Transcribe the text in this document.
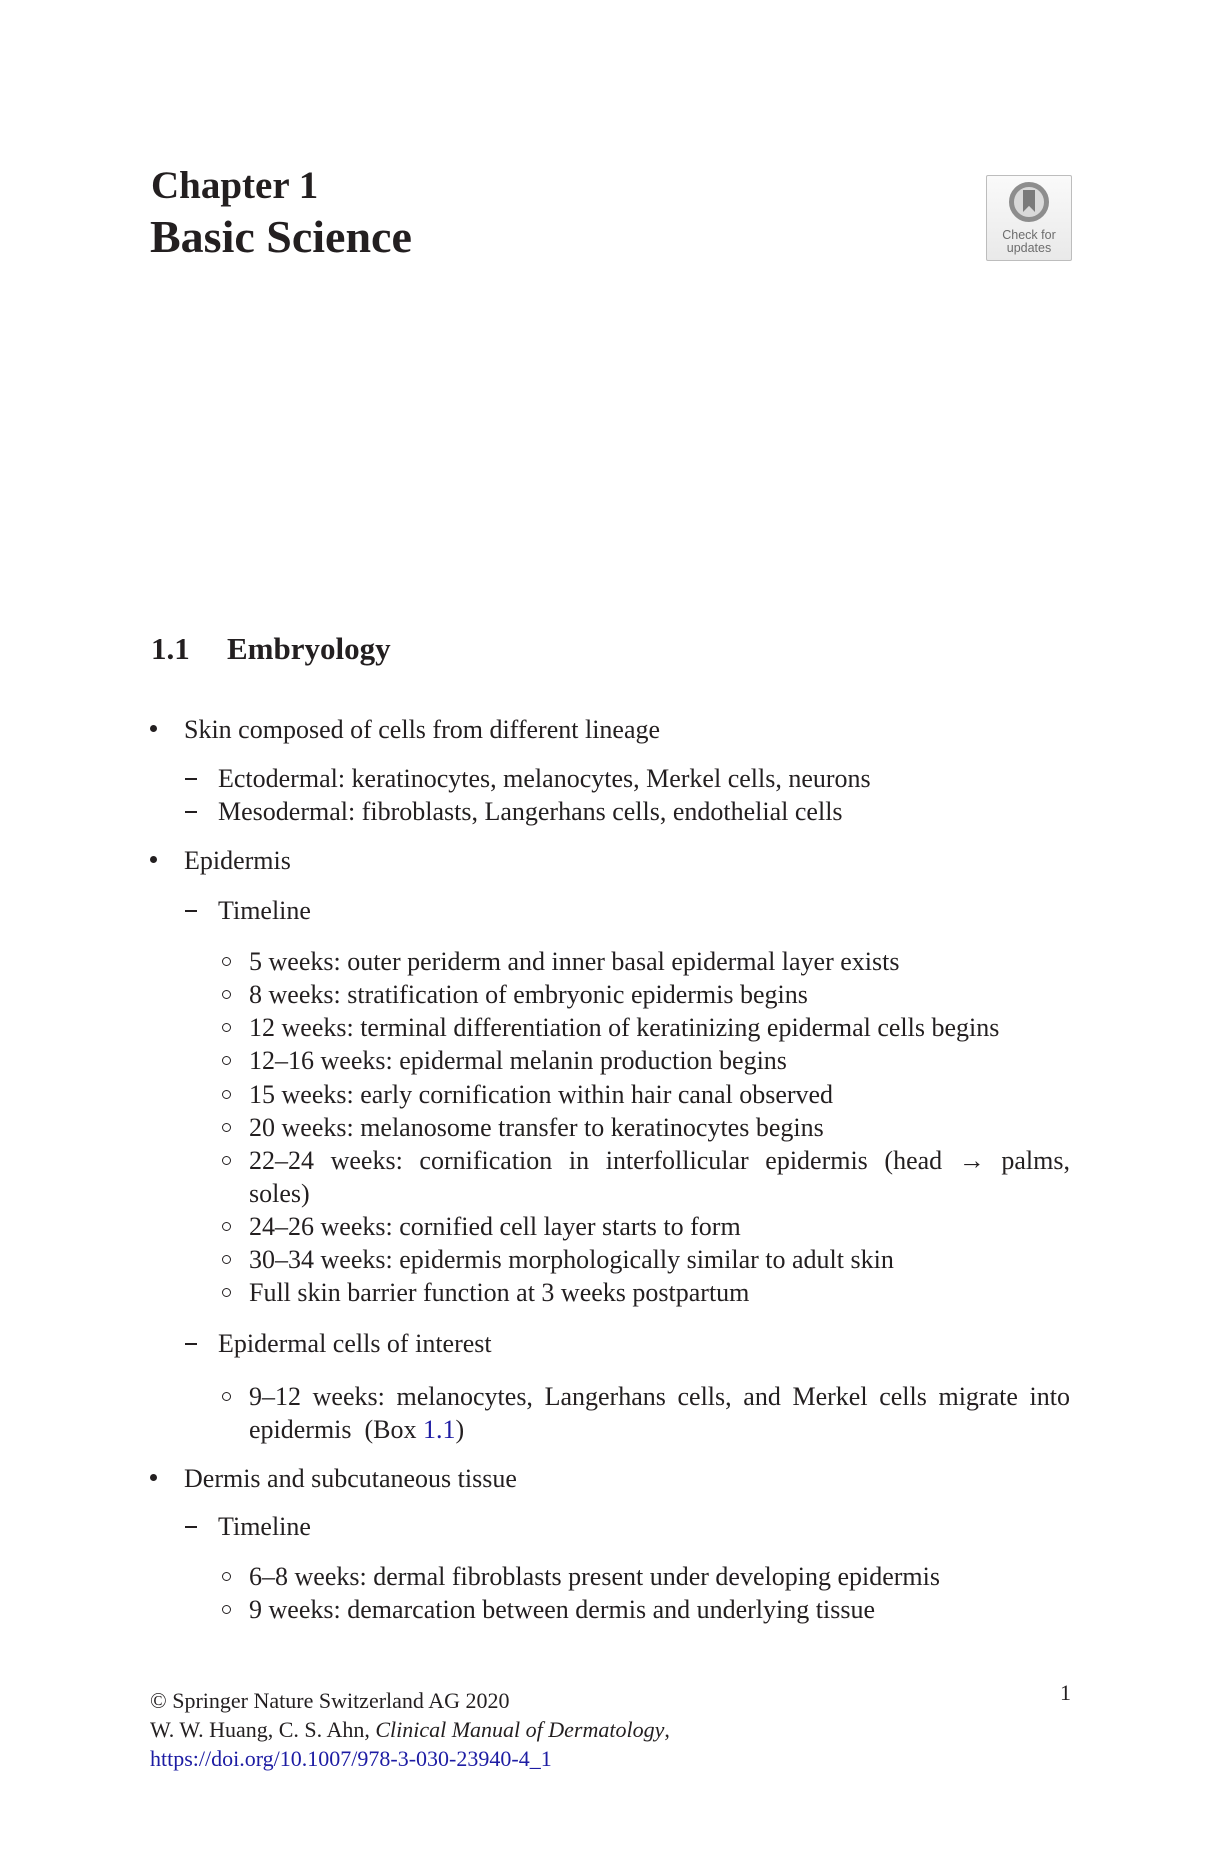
Chapter 1
Basic Science	Check for
updates
1.1 Embryology
Skin composed of cells from different lineage
Ectodermal: keratinocytes, melanocytes, Merkel cells, neurons
Mesodermal: fibroblasts, Langerhans cells, endothelial cells
Epidermis
Timeline
5 weeks: outer periderm and inner basal epidermal layer exists
8 weeks: stratification of embryonic epidermis begins
12 weeks: terminal differentiation of keratinizing epidermal cells begins
12–16 weeks: epidermal melanin production begins
15 weeks: early cornification within hair canal observed
20 weeks: melanosome transfer to keratinocytes begins
22–24 weeks: cornification in interfollicular epidermis (head → palms,
soles)
24–26 weeks: cornified cell layer starts to form
30–34 weeks: epidermis morphologically similar to adult skin
Full skin barrier function at 3 weeks postpartum
Epidermal cells of interest
9–12 weeks: melanocytes, Langerhans cells, and Merkel cells migrate into
epidermis  (Box 1.1)
Dermis and subcutaneous tissue
Timeline
6–8 weeks: dermal fibroblasts present under developing epidermis
9 weeks: demarcation between dermis and underlying tissue
© Springer Nature Switzerland AG 2020
W. W. Huang, C. S. Ahn, Clinical Manual of Dermatology,
https://doi.org/10.1007/978-3-030-23940-4_1
1
